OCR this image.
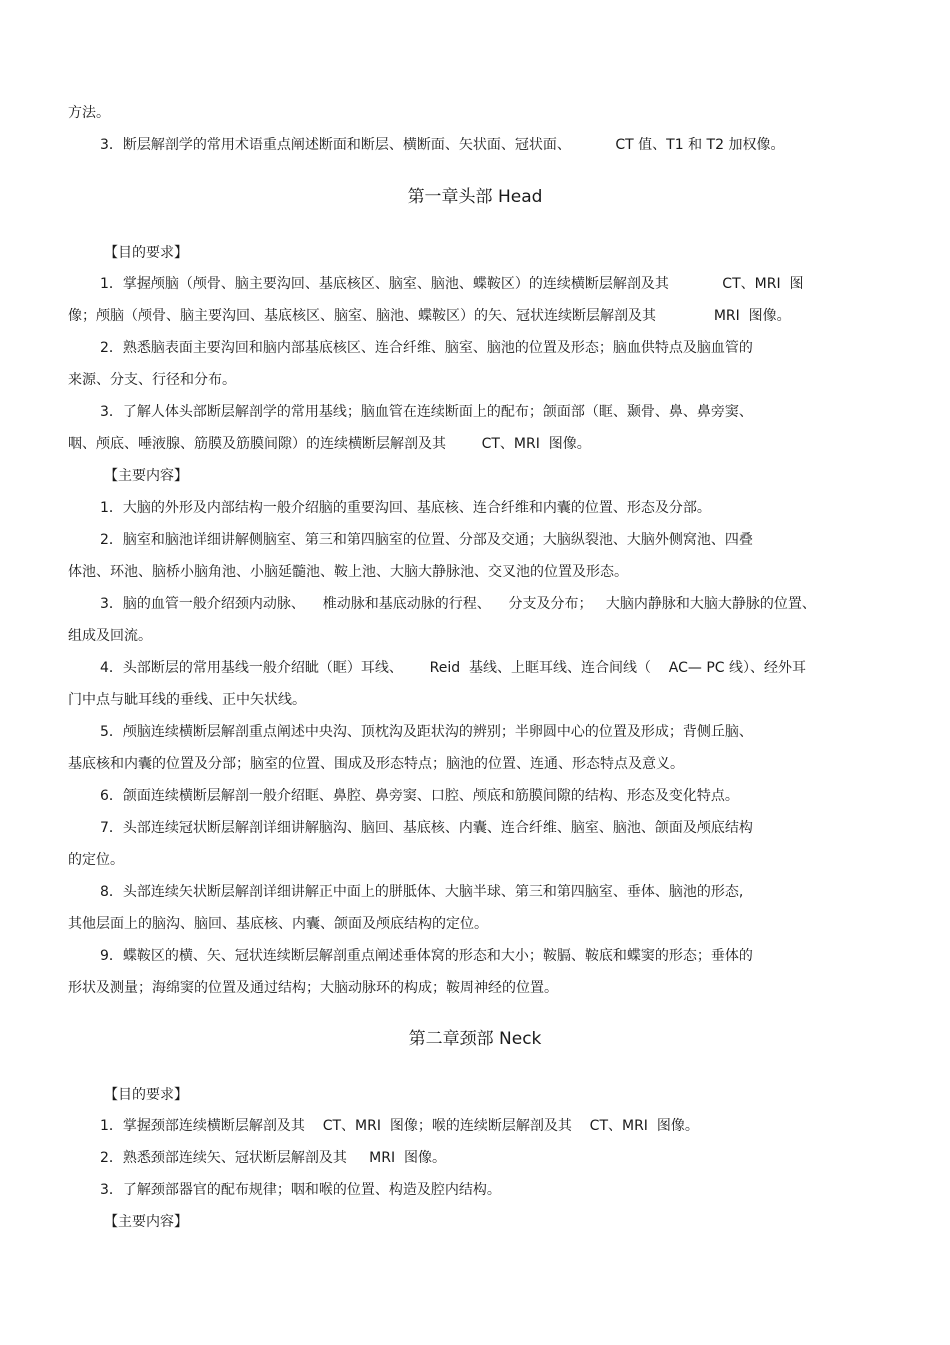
方法。
3．断层解剖学的常用术语重点阐述断面和断层、横断面、矢状面、冠状面、          CT 值、T1 和 T2 加权像。
【目的要求】
1．掌握颅脑（颅骨、脑主要沟回、基底核区、脑室、脑池、蝶鞍区）的连续横断层解剖及其            CT、MRI  图
像；颅脑（颅骨、脑主要沟回、基底核区、脑室、脑池、蝶鞍区）的矢、冠状连续断层解剖及其             MRI  图像。
2．熟悉脑表面主要沟回和脑内部基底核区、连合纤维、脑室、脑池的位置及形态；脑血供特点及脑血管的
来源、分支、行径和分布。
3．了解人体头部断层解剖学的常用基线；脑血管在连续断面上的配布；颌面部（眶、颞骨、鼻、鼻旁窦、
咽、颅底、唾液腺、筋膜及筋膜间隙）的连续横断层解剖及其        CT、MRI  图像。
【主要内容】
1．大脑的外形及内部结构一般介绍脑的重要沟回、基底核、连合纤维和内囊的位置、形态及分部。
2．脑室和脑池详细讲解侧脑室、第三和第四脑室的位置、分部及交通；大脑纵裂池、大脑外侧窝池、四叠
体池、环池、脑桥小脑角池、小脑延髓池、鞍上池、大脑大静脉池、交叉池的位置及形态。
3．脑的血管一般介绍颈内动脉、    椎动脉和基底动脉的行程、    分支及分布；   大脑内静脉和大脑大静脉的位置、
组成及回流。
4．头部断层的常用基线一般介绍眦（眶）耳线、      Reid  基线、上眶耳线、连合间线（    AC— PC 线）、经外耳
门中点与眦耳线的垂线、正中矢状线。
5．颅脑连续横断层解剖重点阐述中央沟、顶枕沟及距状沟的辨别；半卵圆中心的位置及形成；背侧丘脑、
基底核和内囊的位置及分部；脑室的位置、围成及形态特点；脑池的位置、连通、形态特点及意义。
6．颌面连续横断层解剖一般介绍眶、鼻腔、鼻旁窦、口腔、颅底和筋膜间隙的结构、形态及变化特点。
7．头部连续冠状断层解剖详细讲解脑沟、脑回、基底核、内囊、连合纤维、脑室、脑池、颌面及颅底结构
的定位。
8．头部连续矢状断层解剖详细讲解正中面上的胼胝体、大脑半球、第三和第四脑室、垂体、脑池的形态,
其他层面上的脑沟、脑回、基底核、内囊、颌面及颅底结构的定位。
9．蝶鞍区的横、矢、冠状连续断层解剖重点阐述垂体窝的形态和大小；鞍膈、鞍底和蝶窦的形态；垂体的
形状及测量；海绵窦的位置及通过结构；大脑动脉环的构成；鞍周神经的位置。
【目的要求】
1．掌握颈部连续横断层解剖及其    CT、MRI  图像；喉的连续断层解剖及其    CT、MRI  图像。
2．熟悉颈部连续矢、冠状断层解剖及其     MRI  图像。
3．了解颈部器官的配布规律；咽和喉的位置、构造及腔内结构。
【主要内容】
第一章头部 Head
第二章颈部 Neck
